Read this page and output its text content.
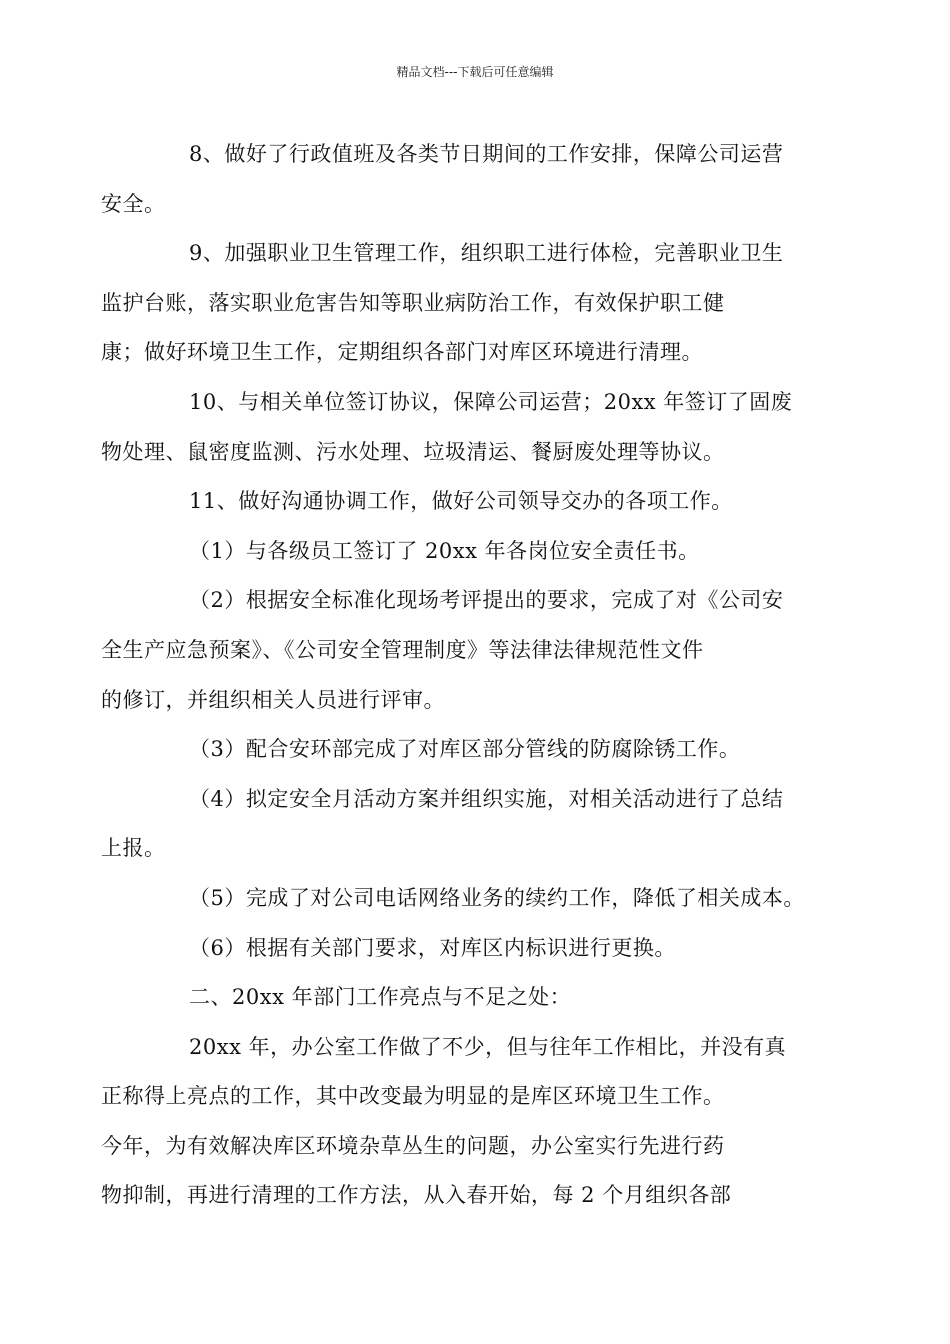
精品文档---下载后可任意编辑

8、做好了行政值班及各类节日期间的工作安排，保障公司运营
安全。

9、加强职业卫生管理工作，组织职工进行体检，完善职业卫生
监护台账，落实职业危害告知等职业病防治工作，有效保护职工健
康；做好环境卫生工作，定期组织各部门对库区环境进行清理。

10、与相关单位签订协议，保障公司运营；20xx 年签订了固废
物处理、鼠密度监测、污水处理、垃圾清运、餐厨废处理等协议。

11、做好沟通协调工作，做好公司领导交办的各项工作。

（1）与各级员工签订了 20xx 年各岗位安全责任书。

（2）根据安全标准化现场考评提出的要求，完成了对《公司安
全生产应急预案》、《公司安全管理制度》等法律法律规范性文件
的修订，并组织相关人员进行评审。

（3）配合安环部完成了对库区部分管线的防腐除锈工作。

（4）拟定安全月活动方案并组织实施，对相关活动进行了总结
上报。

（5）完成了对公司电话网络业务的续约工作，降低了相关成本。

（6）根据有关部门要求，对库区内标识进行更换。

二、20xx 年部门工作亮点与不足之处：

20xx 年，办公室工作做了不少，但与往年工作相比，并没有真
正称得上亮点的工作，其中改变最为明显的是库区环境卫生工作。
今年，为有效解决库区环境杂草丛生的问题，办公室实行先进行药
物抑制，再进行清理的工作方法，从入春开始，每 2 个月组织各部
